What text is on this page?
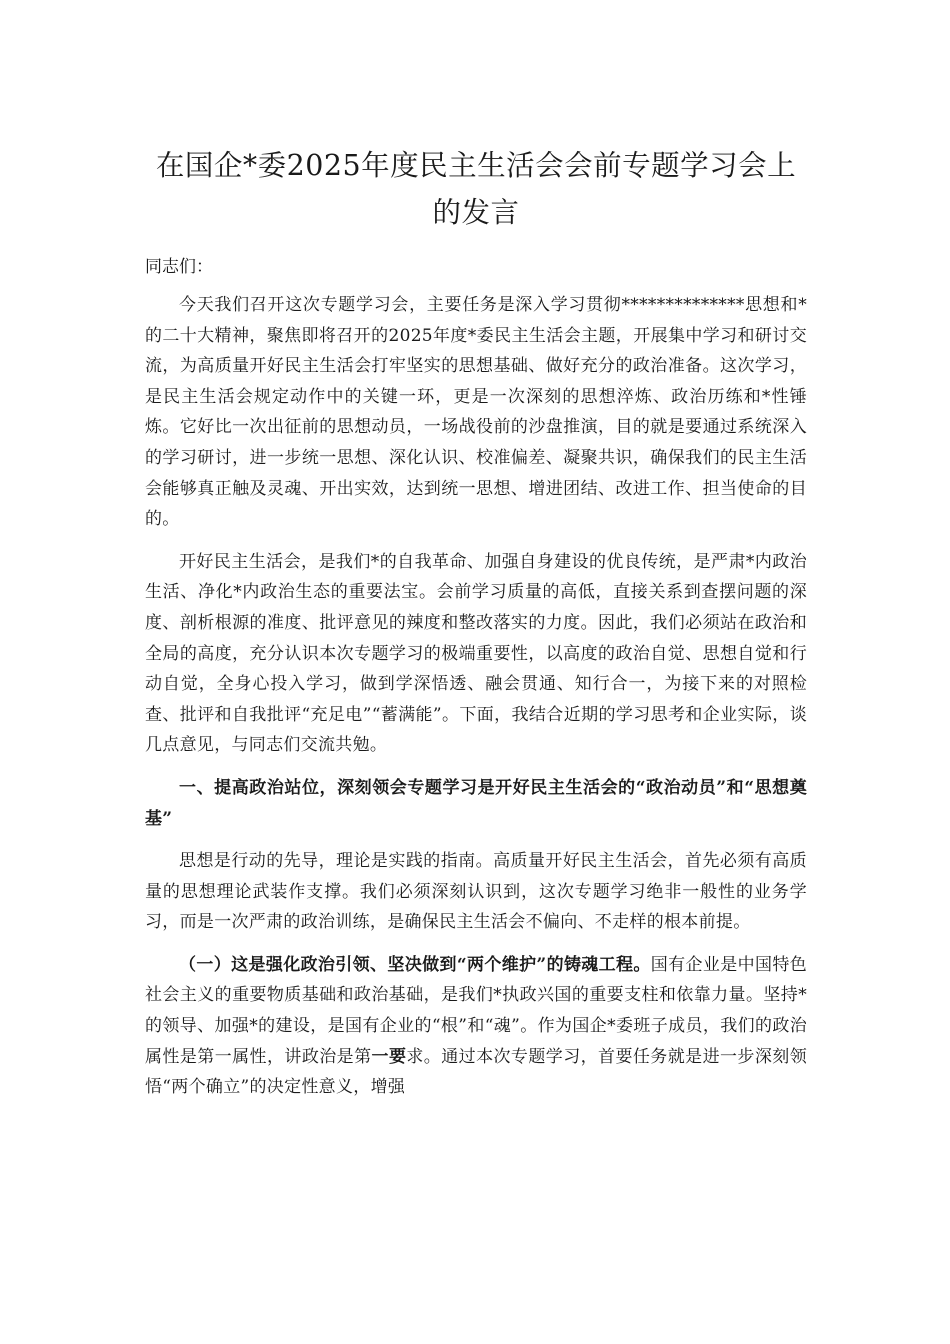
在国企*委2025年度民主生活会会前专题学习会上的发言

同志们：

今天我们召开这次专题学习会，主要任务是深入学习贯彻**************思想和*的二十大精神，聚焦即将召开的2025年度*委民主生活会主题，开展集中学习和研讨交流，为高质量开好民主生活会打牢坚实的思想基础、做好充分的政治准备。这次学习，是民主生活会规定动作中的关键一环，更是一次深刻的思想淬炼、政治历练和*性锤炼。它好比一次出征前的思想动员，一场战役前的沙盘推演，目的就是要通过系统深入的学习研讨，进一步统一思想、深化认识、校准偏差、凝聚共识，确保我们的民主生活会能够真正触及灵魂、开出实效，达到统一思想、增进团结、改进工作、担当使命的目的。

开好民主生活会，是我们*的自我革命、加强自身建设的优良传统，是严肃*内政治生活、净化*内政治生态的重要法宝。会前学习质量的高低，直接关系到查摆问题的深度、剖析根源的准度、批评意见的辣度和整改落实的力度。因此，我们必须站在政治和全局的高度，充分认识本次专题学习的极端重要性，以高度的政治自觉、思想自觉和行动自觉，全身心投入学习，做到学深悟透、融会贯通、知行合一，为接下来的对照检查、批评和自我批评“充足电”“蓄满能”。下面，我结合近期的学习思考和企业实际，谈几点意见，与同志们交流共勉。

一、提高政治站位，深刻领会专题学习是开好民主生活会的“政治动员”和“思想奠基”

思想是行动的先导，理论是实践的指南。高质量开好民主生活会，首先必须有高质量的思想理论武装作支撑。我们必须深刻认识到，这次专题学习绝非一般性的业务学习，而是一次严肃的政治训练，是确保民主生活会不偏向、不走样的根本前提。

（一）这是强化政治引领、坚决做到“两个维护”的铸魂工程。国有企业是中国特色社会主义的重要物质基础和政治基础，是我们*执政兴国的重要支柱和依靠力量。坚持*的领导、加强*的建设，是国有企业的“根”和“魂”。作为国企*委班子成员，我们的政治属性是第一属性，讲政治是第一要求。通过本次专题学习，首要任务就是进一步深刻领悟“两个确立”的决定性意义，增强
